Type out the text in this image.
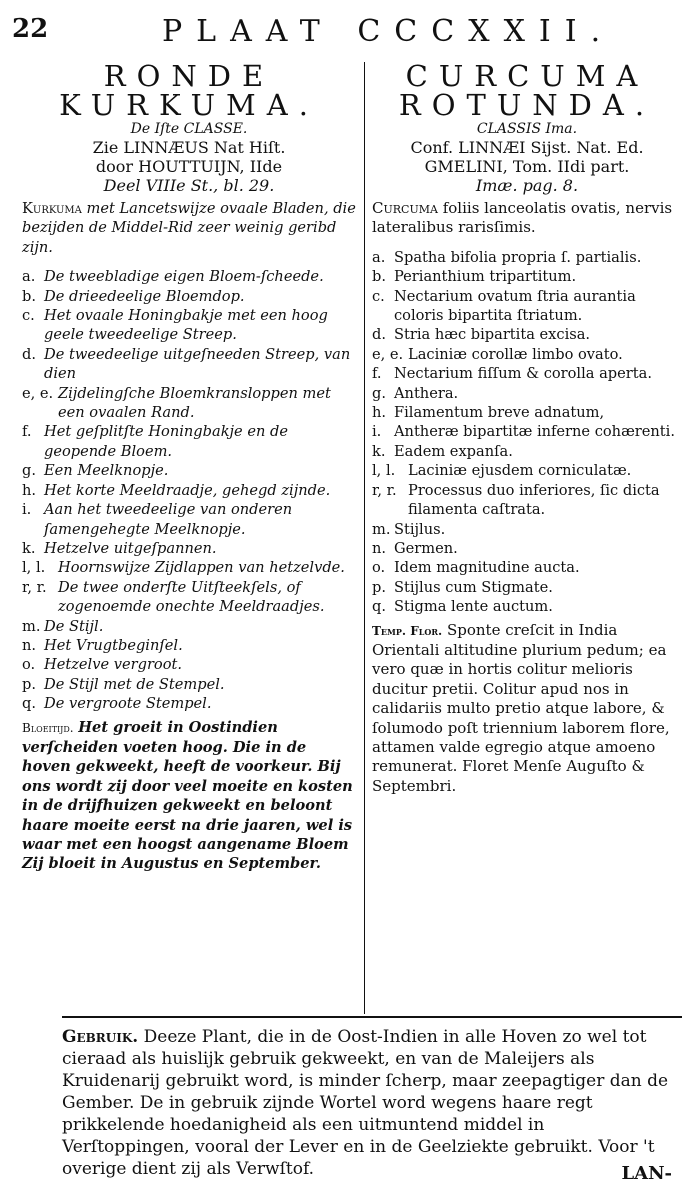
22	PLAAT CCCXXII.
RONDE
KURKUMA.
De Iſte CLASSE.
Zie LINNÆUS Nat Hiſt.
door HOUTTUIJN, IIde
Deel VIIIe St., bl. 29.
Kurkuma met Lancetswijze ovaale Bladen, die bezijden de Middel-Rid zeer weinig geribd zijn.
a. De tweebladige eigen Bloem-ſcheede.
b. De drieedeelige Bloemdop.
c. Het ovaale Honingbakje met een hoog geele tweedeelige Streep.
d. De tweedeelige uitgeſneeden Streep, van dien
e, e. Zijdelingſche Bloemkransloppen met een ovaalen Rand.
f. Het geſplitſte Honingbakje en de geopende Bloem.
g. Een Meelknopje.
h. Het korte Meeldraadje, gehegd zijnde.
i. Aan het tweedeelige van onderen ſamengehegte Meelknopje.
k. Hetzelve uitgeſpannen.
l, l. Hoornswijze Zijdlappen van hetzelvde.
r, r. De twee onderſte Uitſteekſels, of zogenoemde onechte Meeldraadjes.
m. De Stijl.
n. Het Vrugtbeginſel.
o. Hetzelve vergroot.
p. De Stijl met de Stempel.
q. De vergroote Stempel.
Bloeitijd. Het groeit in Oostindien verſcheiden voeten hoog. Die in de hoven gekweekt, heeft de voorkeur. Bij ons wordt zij door veel moeite en kosten in de drijfhuizen gekweekt en beloont haare moeite eerst na drie jaaren, wel is waar met een hoogst aangename Bloem Zij bloeit in Augustus en September.
CURCUMA
ROTUNDA.
CLASSIS Ima.
Conf. LINNÆI Sijst. Nat. Ed.
GMELINI, Tom. IIdi part.
Imæ. pag. 8.
Curcuma foliis lanceolatis ovatis, nervis lateralibus rarisſimis.
a. Spatha bifolia propria ſ. partialis.
b. Perianthium tripartitum.
c. Nectarium ovatum ſtria aurantia coloris bipartita ſtriatum.
d. Stria hæc bipartita excisa.
e, e. Laciniæ corollæ limbo ovato.
f. Nectarium fiſſum & corolla aperta.
g. Anthera.
h. Filamentum breve adnatum,
i. Antheræ bipartitæ inferne cohærenti.
k. Eadem expanſa.
l, l. Laciniæ ejusdem corniculatæ.
r, r. Processus duo inferiores, ſic dicta filamenta caſtrata.
m. Stijlus.
n. Germen.
o. Idem magnitudine aucta.
p. Stijlus cum Stigmate.
q. Stigma lente auctum.
Temp. Flor. Sponte creſcit in India Orientali altitudine plurium pedum; ea vero quæ in hortis colitur melioris ducitur pretii. Colitur apud nos in calidariis multo pretio atque labore, & ſolumodo poſt triennium laborem flore, attamen valde egregio atque amoeno remunerat. Floret Menſe Auguſto & Septembri.
Gebruik. Deeze Plant, die in de Oost-Indien in alle Hoven zo wel tot cieraad als huislijk gebruik gekweekt, en van de Maleijers als Kruidenarij gebruikt word, is minder ſcherp, maar zeepagtiger dan de Gember. De in gebruik zijnde Wortel word wegens haare regt prikkelende hoedanigheid als een uitmuntend middel in Verſtoppingen, vooral der Lever en in de Geelziekte gebruikt. Voor 't overige dient zij als Verwſtof.	LAN-
